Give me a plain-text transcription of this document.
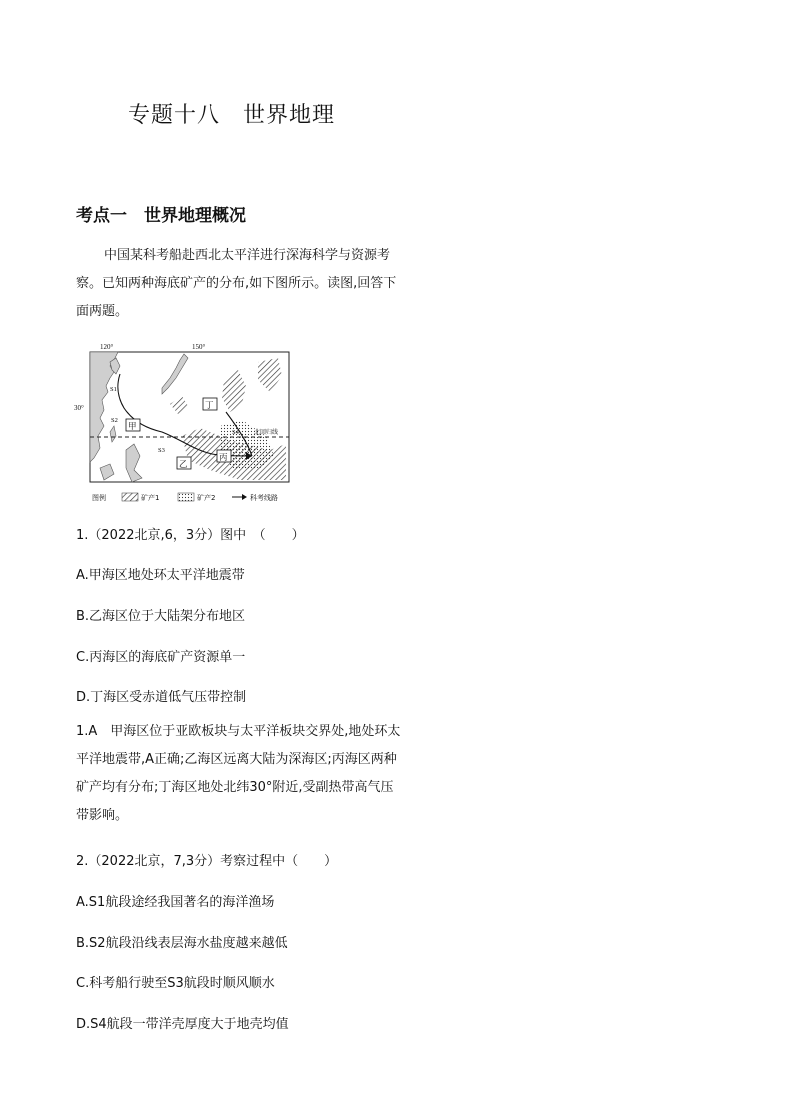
专题十八　世界地理
考点一　世界地理概况
中国某科考船赴西北太平洋进行深海科学与资源考察。已知两种海底矿产的分布,如下图所示。读图,回答下面两题。
120°	150°
30°
S1
S2
S3
S4
甲
乙
丙
丁
北回归线
图例	矿产1	矿产2	科考线路
1.（2022北京,6，3分）图中　（　　）
A.甲海区地处环太平洋地震带
B.乙海区位于大陆架分布地区
C.丙海区的海底矿产资源单一
D.丁海区受赤道低气压带控制
1.A　甲海区位于亚欧板块与太平洋板块交界处,地处环太平洋地震带,A正确;乙海区远离大陆为深海区;丙海区两种矿产均有分布;丁海区地处北纬30°附近,受副热带高气压带影响。
2.（2022北京，7,3分）考察过程中（　　）
A.S1航段途经我国著名的海洋渔场
B.S2航段沿线表层海水盐度越来越低
C.科考船行驶至S3航段时顺风顺水
D.S4航段一带洋壳厚度大于地壳均值
